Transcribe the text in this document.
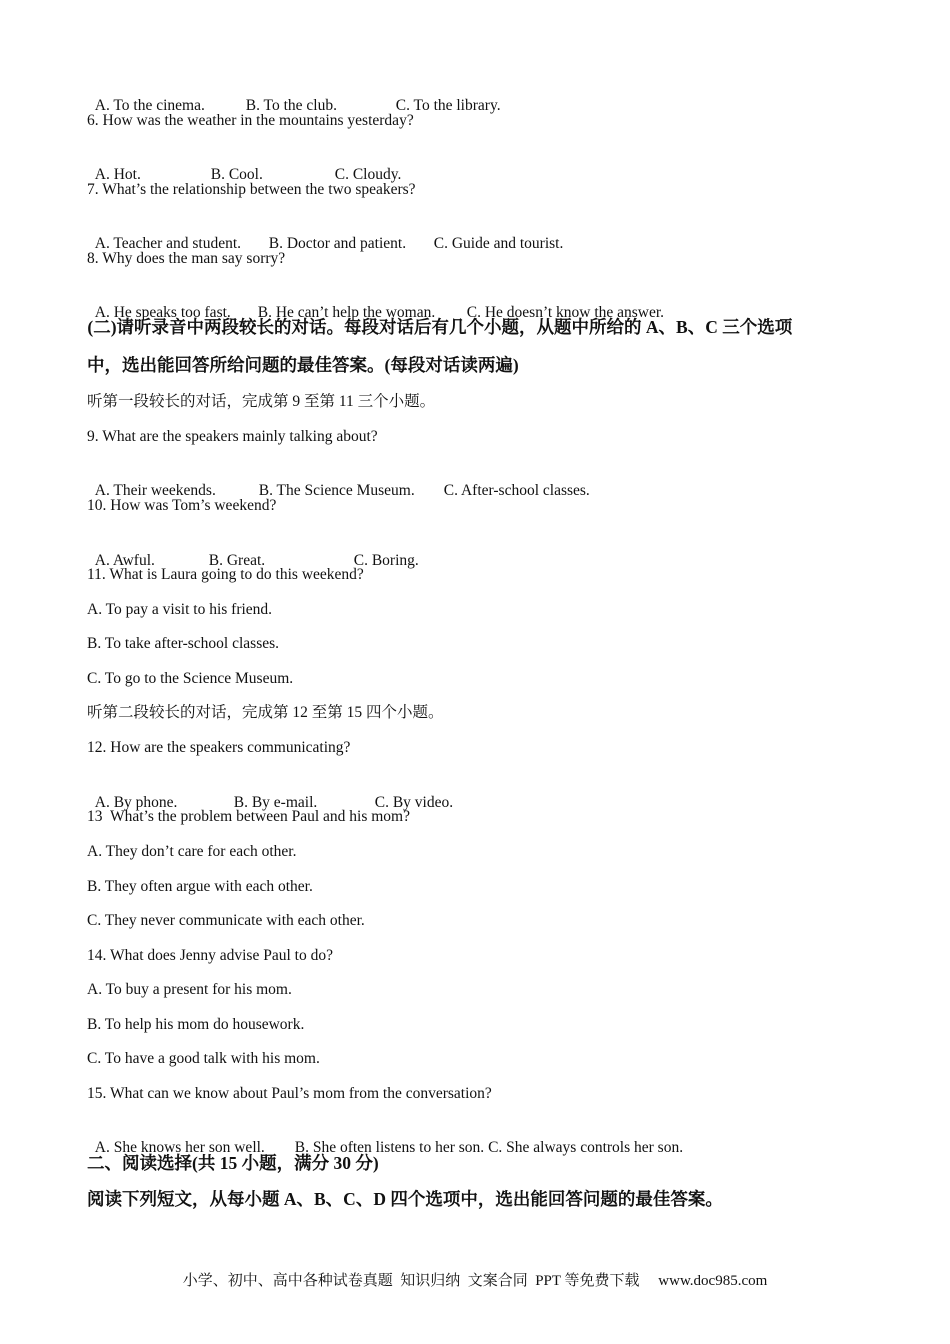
A. To the cinema.	B. To the club.	C. To the library.

6. How was the weather in the mountains yesterday?

A. Hot.	B. Cool.	C. Cloudy.

7. What’s the relationship between the two speakers?

A. Teacher and student. B. Doctor and patient. C. Guide and tourist.

8. Why does the man say sorry?

A. He speaks too fast. B. He can’t help the woman. C. He doesn’t know the answer.

(二)请听录音中两段较长的对话。每段对话后有几个小题，从题中所给的 A、B、C 三个选项
中，选出能回答所给问题的最佳答案。(每段对话读两遍)
听第一段较长的对话，完成第 9 至第 11 三个小题。
9. What are the speakers mainly talking about?

A. Their weekends.	B. The Science Museum. C. After-school classes.

10. How was Tom’s weekend?

A. Awful.	B. Great.	C. Boring.

11. What is Laura going to do this weekend?
A. To pay a visit to his friend.
B. To take after-school classes.
C. To go to the Science Museum.
听第二段较长的对话，完成第 12 至第 15 四个小题。
12. How are the speakers communicating?

A. By phone.	B. By e-mail.	C. By video.

13  What’s the problem between Paul and his mom?
A. They don’t care for each other.
B. They often argue with each other.
C. They never communicate with each other.
14. What does Jenny advise Paul to do?
A. To buy a present for his mom.
B. To help his mom do housework.
C. To have a good talk with his mom.
15. What can we know about Paul’s mom from the conversation?

A. She knows her son well. B. She often listens to her son. C. She always controls her son.

二、阅读选择(共 15 小题，满分 30 分)
阅读下列短文，从每小题 A、B、C、D 四个选项中，选出能回答问题的最佳答案。
小学、初中、高中各种试卷真题  知识归纳  文案合同  PPT 等免费下载     www.doc985.com
